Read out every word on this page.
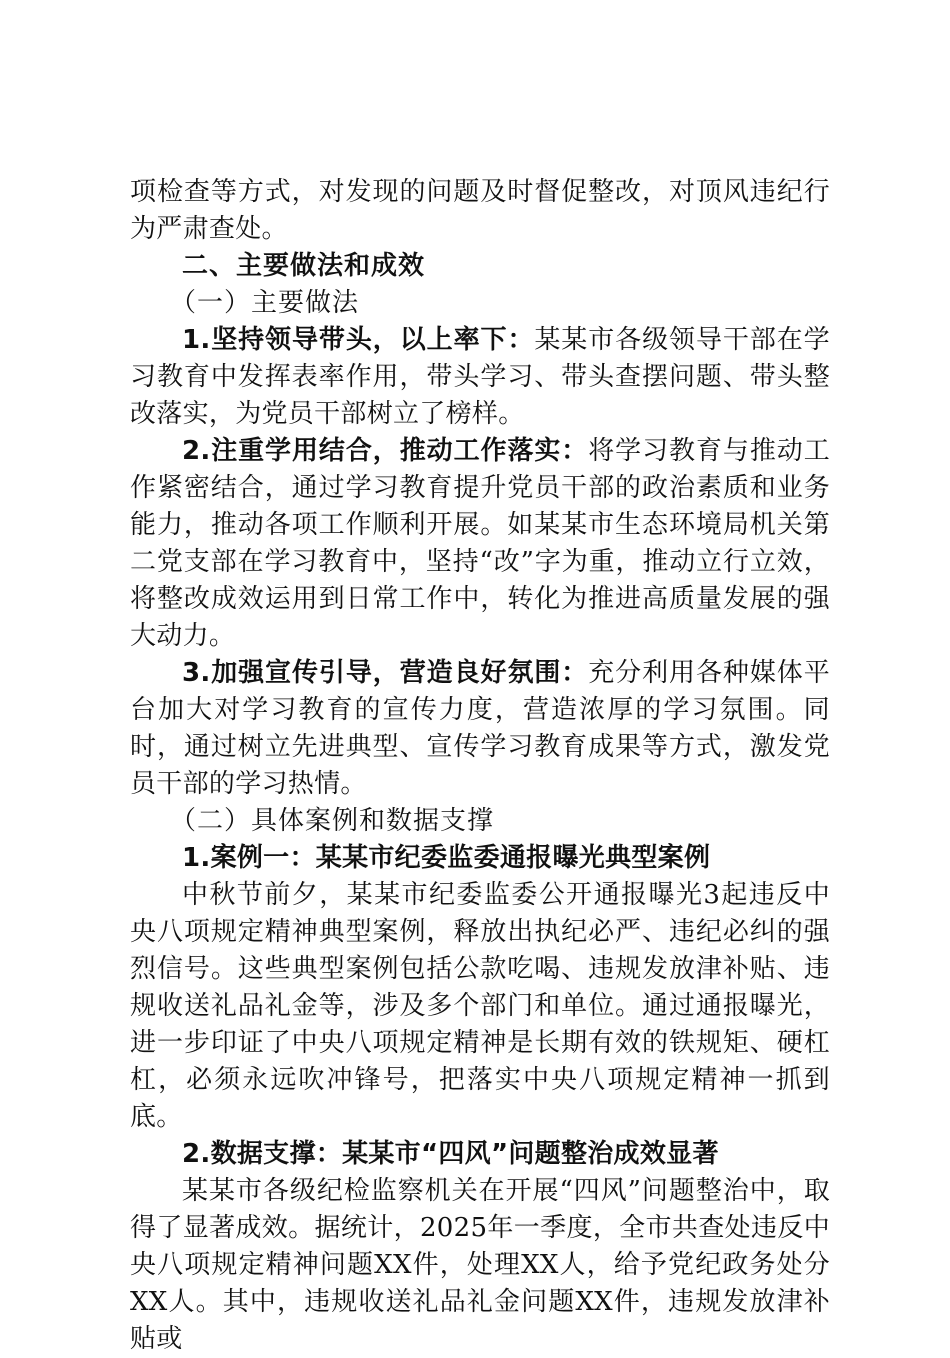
项检查等方式，对发现的问题及时督促整改，对顶风违纪行为严肃查处。

二、主要做法和成效

（一）主要做法

1.坚持领导带头，以上率下：某某市各级领导干部在学习教育中发挥表率作用，带头学习、带头查摆问题、带头整改落实，为党员干部树立了榜样。

2.注重学用结合，推动工作落实：将学习教育与推动工作紧密结合，通过学习教育提升党员干部的政治素质和业务能力，推动各项工作顺利开展。如某某市生态环境局机关第二党支部在学习教育中，坚持“改”字为重，推动立行立效，将整改成效运用到日常工作中，转化为推进高质量发展的强大动力。

3.加强宣传引导，营造良好氛围：充分利用各种媒体平台加大对学习教育的宣传力度，营造浓厚的学习氛围。同时，通过树立先进典型、宣传学习教育成果等方式，激发党员干部的学习热情。

（二）具体案例和数据支撑

1.案例一：某某市纪委监委通报曝光典型案例

中秋节前夕，某某市纪委监委公开通报曝光3起违反中央八项规定精神典型案例，释放出执纪必严、违纪必纠的强烈信号。这些典型案例包括公款吃喝、违规发放津补贴、违规收送礼品礼金等，涉及多个部门和单位。通过通报曝光，进一步印证了中央八项规定精神是长期有效的铁规矩、硬杠杠，必须永远吹冲锋号，把落实中央八项规定精神一抓到底。

2.数据支撑：某某市“四风”问题整治成效显著

某某市各级纪检监察机关在开展“四风”问题整治中，取得了显著成效。据统计，2025年一季度，全市共查处违反中央八项规定精神问题XX件，处理XX人，给予党纪政务处分XX人。其中，违规收送礼品礼金问题XX件，违规发放津补贴或
